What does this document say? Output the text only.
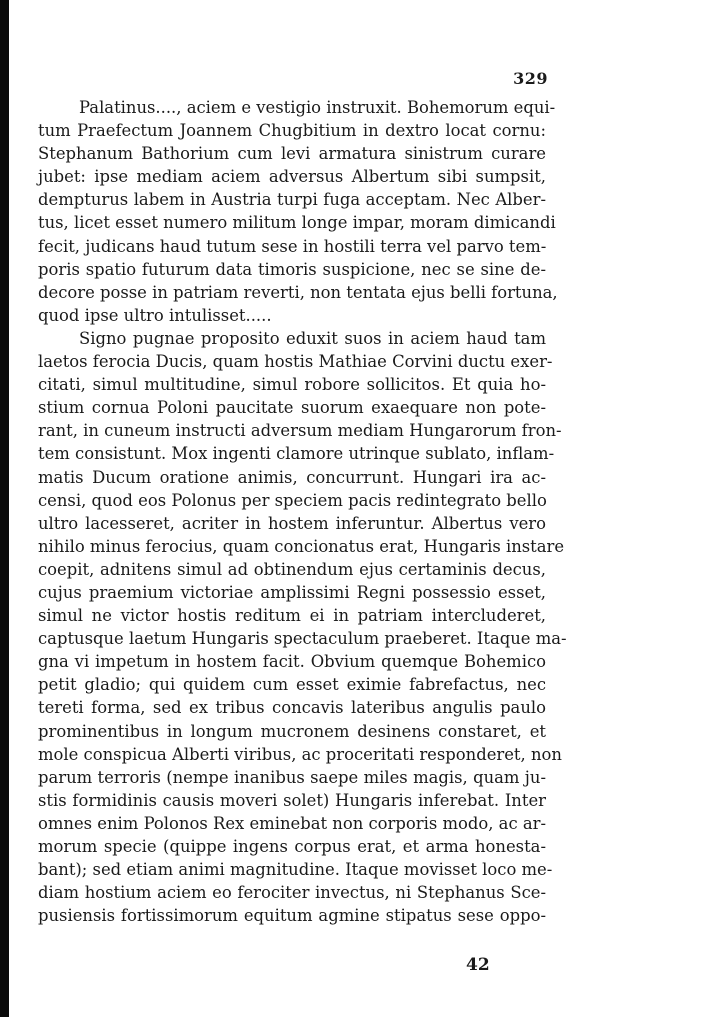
329
Palatinus...., aciem e vestigio instruxit. Bohemorum equi-
tum Praefectum Joannem Chugbitium in dextro locat cornu:
Stephanum Bathorium cum levi armatura sinistrum curare
jubet: ipse mediam aciem adversus Albertum sibi sumpsit,
dempturus labem in Austria turpi fuga acceptam. Nec Alber-
tus, licet esset numero militum longe impar, moram dimicandi
fecit, judicans haud tutum sese in hostili terra vel parvo tem-
poris spatio futurum data timoris suspicione, nec se sine de-
decore posse in patriam reverti, non tentata ejus belli fortuna,
quod ipse ultro intulisset.....
Signo pugnae proposito eduxit suos in aciem haud tam
laetos ferocia Ducis, quam hostis Mathiae Corvini ductu exer-
citati, simul multitudine, simul robore sollicitos. Et quia ho-
stium cornua Poloni paucitate suorum exaequare non pote-
rant, in cuneum instructi adversum mediam Hungarorum fron-
tem consistunt. Mox ingenti clamore utrinque sublato, inflam-
matis Ducum oratione animis, concurrunt. Hungari ira ac-
censi, quod eos Polonus per speciem pacis redintegrato bello
ultro lacesseret, acriter in hostem inferuntur. Albertus vero
nihilo minus ferocius, quam concionatus erat, Hungaris instare
coepit, adnitens simul ad obtinendum ejus certaminis decus,
cujus praemium victoriae amplissimi Regni possessio esset,
simul ne victor hostis reditum ei in patriam intercluderet,
captusque laetum Hungaris spectaculum praeberet. Itaque ma-
gna vi impetum in hostem facit. Obvium quemque Bohemico
petit gladio; qui quidem cum esset eximie fabrefactus, nec
tereti forma, sed ex tribus concavis lateribus angulis paulo
prominentibus in longum mucronem desinens constaret, et
mole conspicua Alberti viribus, ac proceritati responderet, non
parum terroris (nempe inanibus saepe miles magis, quam ju-
stis formidinis causis moveri solet) Hungaris inferebat. Inter
omnes enim Polonos Rex eminebat non corporis modo, ac ar-
morum specie (quippe ingens corpus erat, et arma honesta-
bant); sed etiam animi magnitudine. Itaque movisset loco me-
diam hostium aciem eo ferociter invectus, ni Stephanus Sce-
pusiensis fortissimorum equitum agmine stipatus sese oppo-
42
